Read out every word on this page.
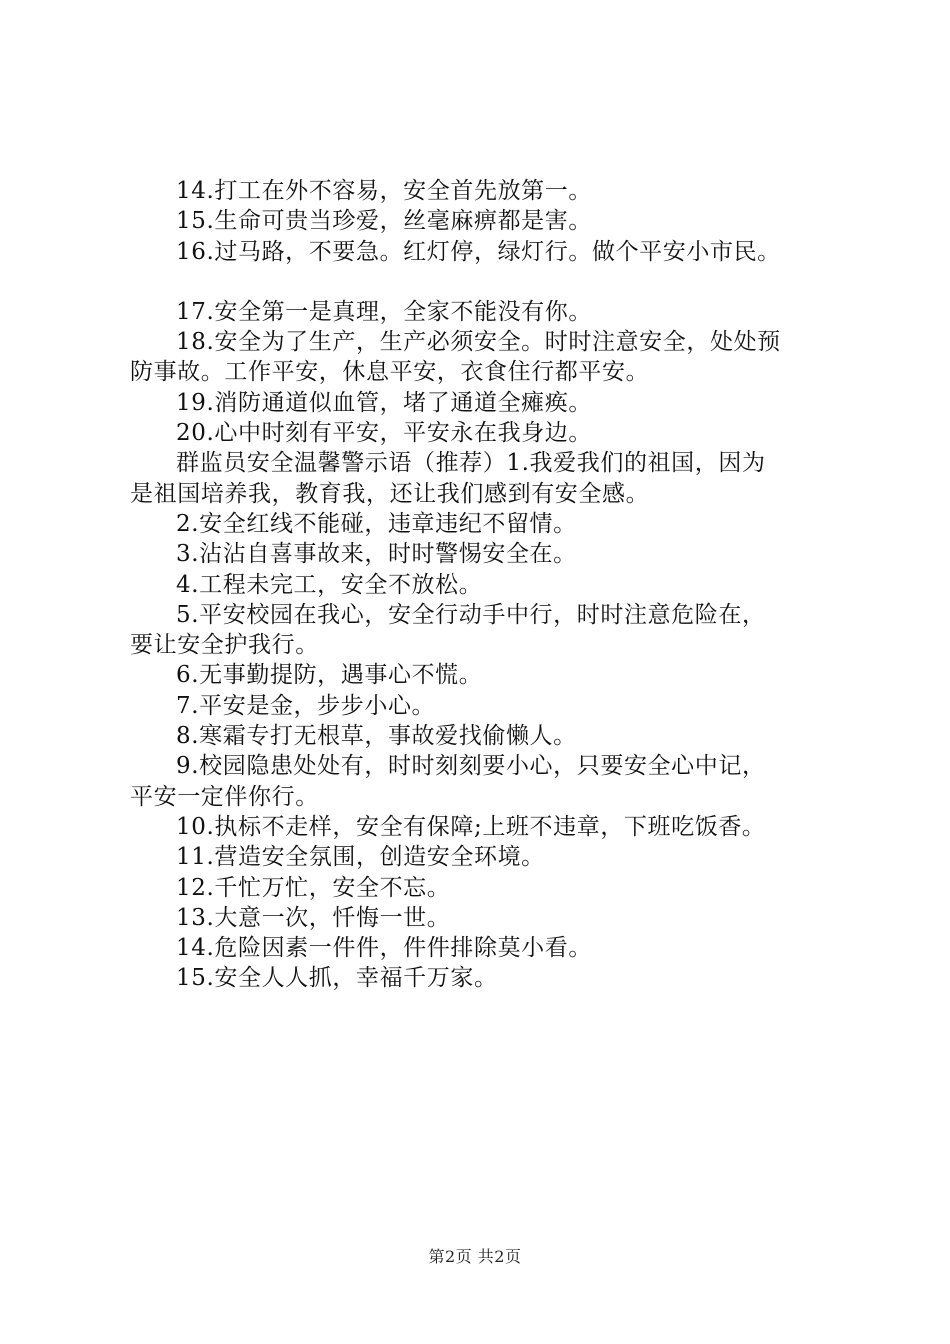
14.打工在外不容易，安全首先放第一。
15.生命可贵当珍爱，丝毫麻痹都是害。
16.过马路，不要急。红灯停，绿灯行。做个平安小市民。
17.安全第一是真理，全家不能没有你。
18.安全为了生产，生产必须安全。时时注意安全，处处预
防事故。工作平安，休息平安，衣食住行都平安。
19.消防通道似血管，堵了通道全瘫痪。
20.心中时刻有平安，平安永在我身边。
群监员安全温馨警示语（推荐）1.我爱我们的祖国，因为
是祖国培养我，教育我，还让我们感到有安全感。
2.安全红线不能碰，违章违纪不留情。
3.沾沾自喜事故来，时时警惕安全在。
4.工程未完工，安全不放松。
5.平安校园在我心，安全行动手中行，时时注意危险在，
要让安全护我行。
6.无事勤提防，遇事心不慌。
7.平安是金，步步小心。
8.寒霜专打无根草，事故爱找偷懒人。
9.校园隐患处处有，时时刻刻要小心，只要安全心中记，
平安一定伴你行。
10.执标不走样，安全有保障;上班不违章，下班吃饭香。
11.营造安全氛围，创造安全环境。
12.千忙万忙，安全不忘。
13.大意一次，忏悔一世。
14.危险因素一件件，件件排除莫小看。
15.安全人人抓，幸福千万家。
第2页 共2页
